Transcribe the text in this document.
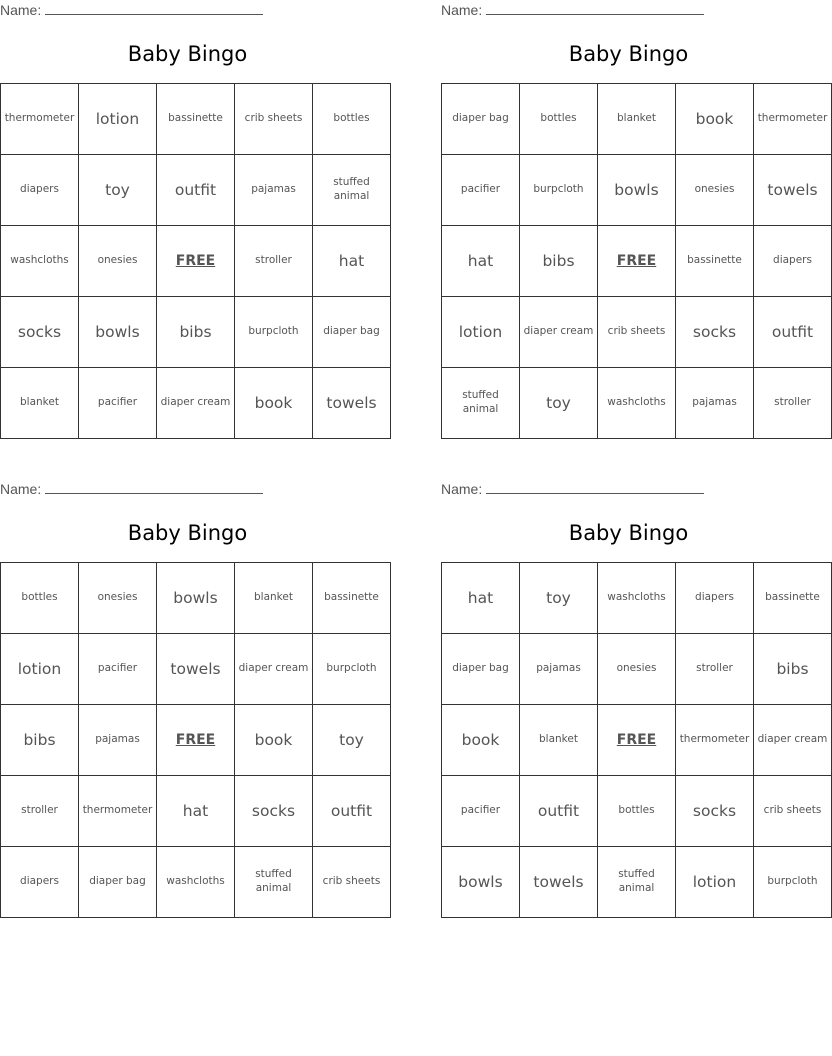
Name:
Baby Bingo
thermometer	lotion	bassinette	crib sheets	bottles
diapers	toy	outfit	pajamas	stuffed animal
washcloths	onesies	FREE	stroller	hat
socks	bowls	bibs	burpcloth	diaper bag
blanket	pacifier	diaper cream	book	towels
Name:
Baby Bingo
diaper bag	bottles	blanket	book	thermometer
pacifier	burpcloth	bowls	onesies	towels
hat	bibs	FREE	bassinette	diapers
lotion	diaper cream	crib sheets	socks	outfit
stuffed animal	toy	washcloths	pajamas	stroller
Name:
Baby Bingo
bottles	onesies	bowls	blanket	bassinette
lotion	pacifier	towels	diaper cream	burpcloth
bibs	pajamas	FREE	book	toy
stroller	thermometer	hat	socks	outfit
diapers	diaper bag	washcloths	stuffed animal	crib sheets
Name:
Baby Bingo
hat	toy	washcloths	diapers	bassinette
diaper bag	pajamas	onesies	stroller	bibs
book	blanket	FREE	thermometer	diaper cream
pacifier	outfit	bottles	socks	crib sheets
bowls	towels	stuffed animal	lotion	burpcloth
